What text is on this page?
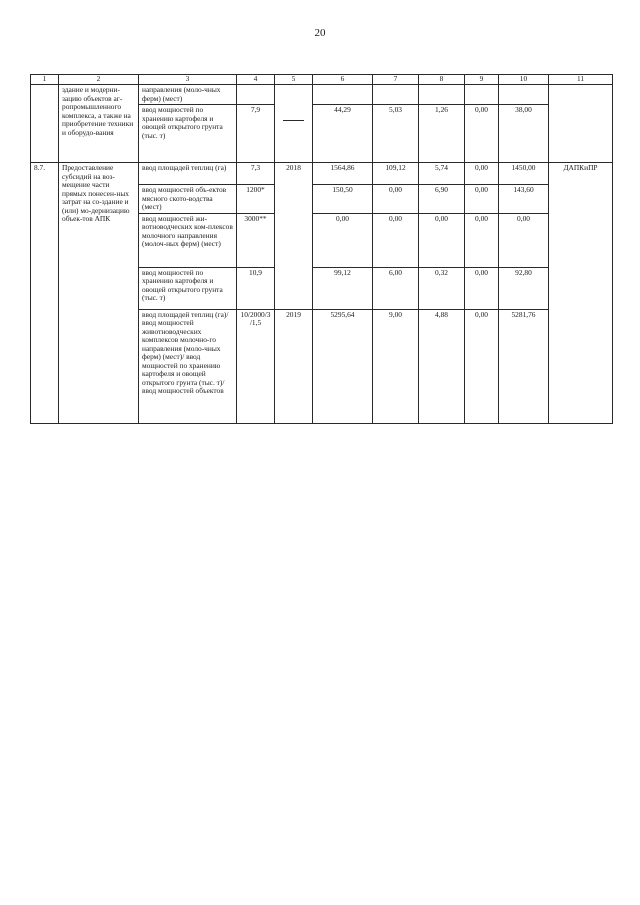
20
1	2	3	4	5	6	7	8	9	10	11
	здание и модерни-зацию объектов аг-ропромышленного комплекса, а также на приобретение техники и оборудо-вания	направления (моло-чных ферм) (мест)								
		ввод мощностей по хранению картофеля и овощей открытого грунта (тыс. т)	7,9		44,29	5,03	1,26	0,00	38,00	
8.7.	Предоставление субсидий на воз-мещение части прямых понесен-ных затрат на со-здание и (или) мо-дернизацию объек-тов АПК	ввод площадей теплиц (га)	7,3	2018	1564,86	109,12	5,74	0,00	1450,00	ДАПКиПР
		ввод мощностей объ-ектов мясного ското-водства (мест)	1200*		150,50	0,00	6,90	0,00	143,60	
		ввод мощностей жи-вотноводческих ком-плексов молочного направления (молоч-ных ферм) (мест)	3000**		0,00	0,00	0,00	0,00	0,00	
		ввод мощностей по хранению картофеля и овощей открытого грунта (тыс. т)	10,9		99,12	6,00	0,32	0,00	92,80	
		ввод площадей теплиц (га)/ ввод мощностей животноводческих комплексов молочно-го направления (моло-чных ферм) (мест)/ ввод мощностей по хранению картофеля и овощей открытого грунта (тыс. т)/ ввод мощностей объектов	10/2000/3/1,5	2019	5295,64	9,00	4,88	0,00	5281,76	
